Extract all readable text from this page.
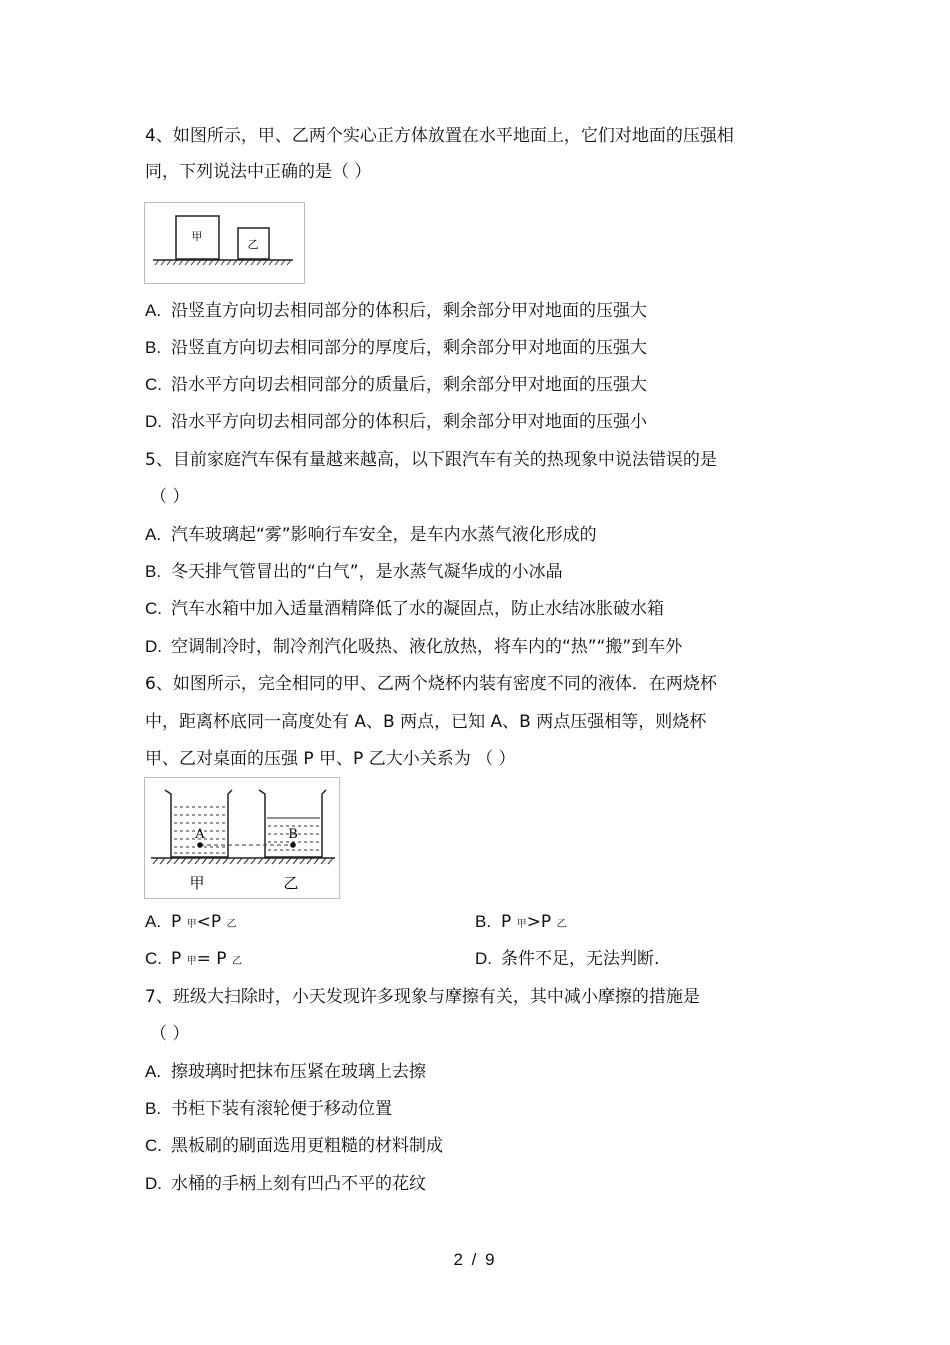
4、如图所示，甲、乙两个实心正方体放置在水平地面上，它们对地面的压强相
同，下列说法中正确的是（ ）
甲
乙
A. 沿竖直方向切去相同部分的体积后，剩余部分甲对地面的压强大
B. 沿竖直方向切去相同部分的厚度后，剩余部分甲对地面的压强大
C. 沿水平方向切去相同部分的质量后，剩余部分甲对地面的压强大
D. 沿水平方向切去相同部分的体积后，剩余部分甲对地面的压强小
5、目前家庭汽车保有量越来越高，以下跟汽车有关的热现象中说法错误的是
（ ）
A. 汽车玻璃起“雾”影响行车安全，是车内水蒸气液化形成的
B. 冬天排气管冒出的“白气”，是水蒸气凝华成的小冰晶
C. 汽车水箱中加入适量酒精降低了水的凝固点，防止水结冰胀破水箱
D. 空调制冷时，制冷剂汽化吸热、液化放热，将车内的“热”“搬”到车外
6、如图所示，完全相同的甲、乙两个烧杯内装有密度不同的液体．在两烧杯
中，距离杯底同一高度处有 A、B 两点，已知 A、B 两点压强相等，则烧杯
甲、乙对桌面的压强 P 甲、P 乙大小关系为 （ ）
A	B
甲	乙
A. P 甲<P 乙	B. P 甲>P 乙
C. P 甲= P 乙	D. 条件不足，无法判断.
7、班级大扫除时，小天发现许多现象与摩擦有关，其中减小摩擦的措施是
（ ）
A. 擦玻璃时把抹布压紧在玻璃上去擦
B. 书柜下装有滚轮便于移动位置
C. 黑板刷的刷面选用更粗糙的材料制成
D. 水桶的手柄上刻有凹凸不平的花纹
2 / 9
